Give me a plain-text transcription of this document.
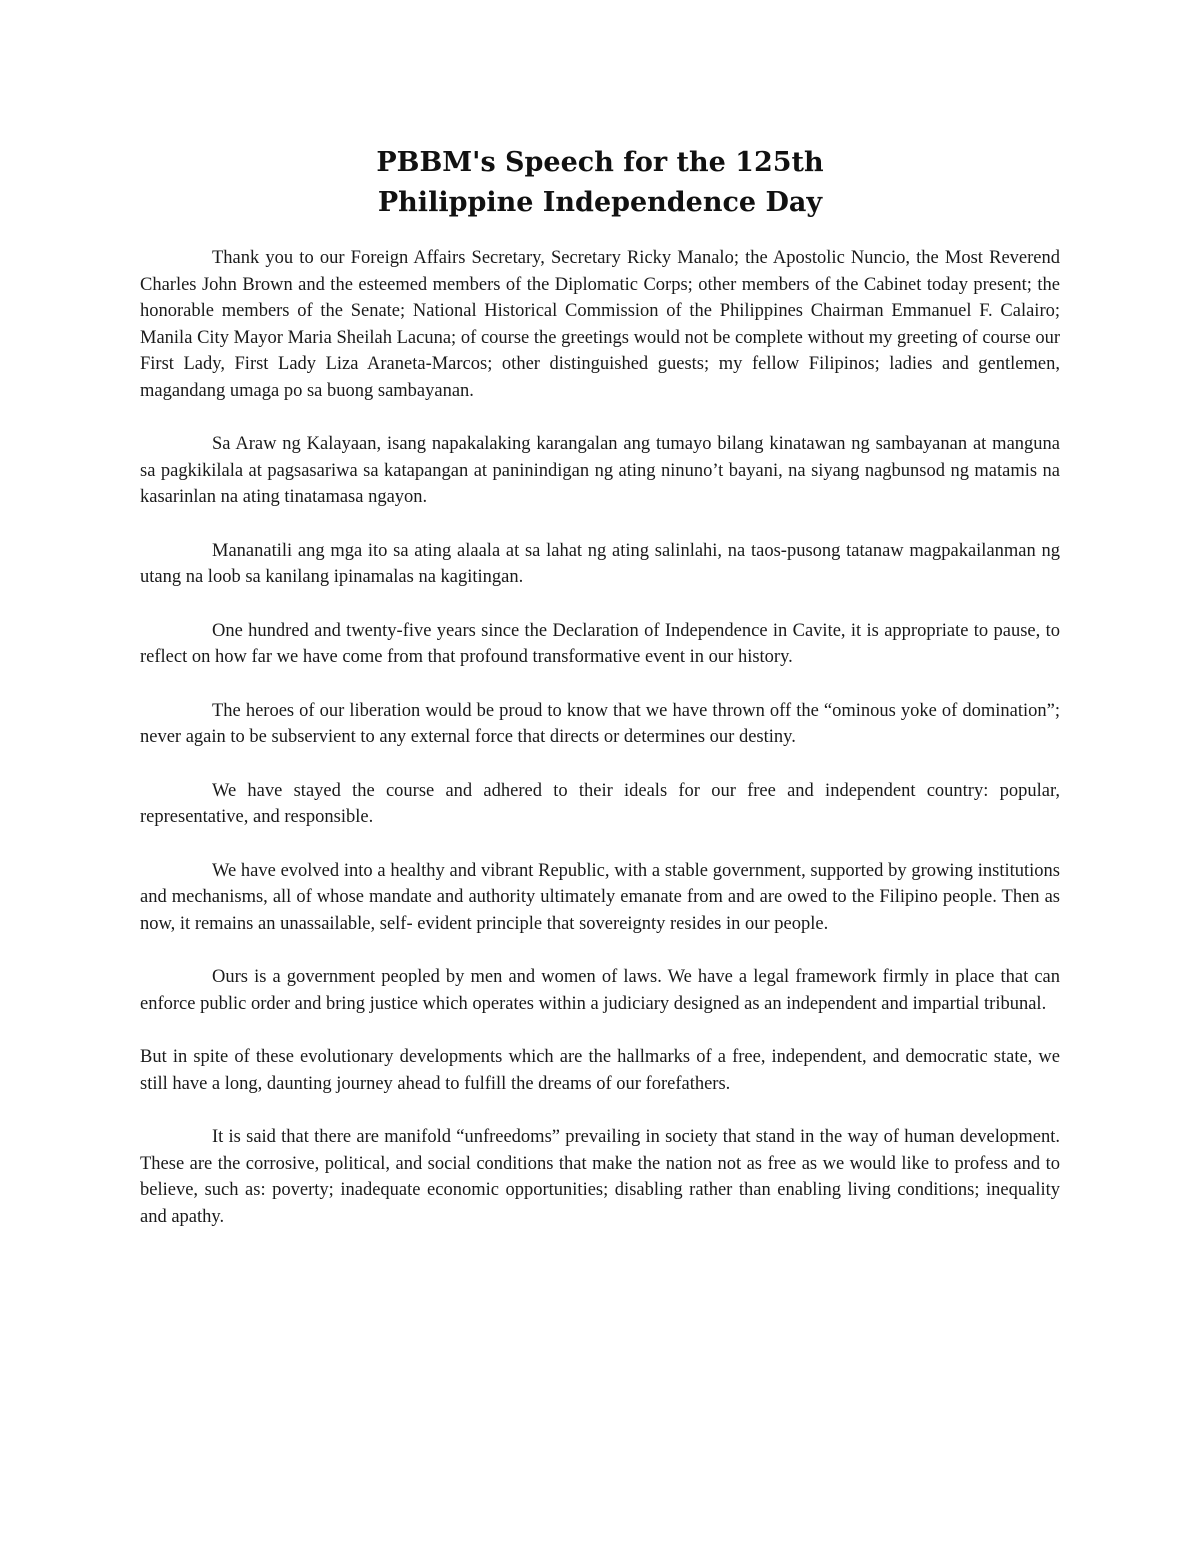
PBBM's Speech for the 125th
Philippine Independence Day

Thank you to our Foreign Affairs Secretary, Secretary Ricky Manalo; the Apostolic Nuncio, the Most Reverend Charles John Brown and the esteemed members of the Diplomatic Corps; other members of the Cabinet today present; the honorable members of the Senate; National Historical Commission of the Philippines Chairman Emmanuel F. Calairo; Manila City Mayor Maria Sheilah Lacuna; of course the greetings would not be complete without my greeting of course our First Lady, First Lady Liza Araneta-Marcos; other distinguished guests; my fellow Filipinos; ladies and gentlemen, magandang umaga po sa buong sambayanan.

Sa Araw ng Kalayaan, isang napakalaking karangalan ang tumayo bilang kinatawan ng sambayanan at manguna sa pagkikilala at pagsasariwa sa katapangan at paninindigan ng ating ninuno’t bayani, na siyang nagbunsod ng matamis na kasarinlan na ating tinatamasa ngayon.

Mananatili ang mga ito sa ating alaala at sa lahat ng ating salinlahi, na taos-pusong tatanaw magpakailanman ng utang na loob sa kanilang ipinamalas na kagitingan.

One hundred and twenty-five years since the Declaration of Independence in Cavite, it is appropriate to pause, to reflect on how far we have come from that profound transformative event in our history.

The heroes of our liberation would be proud to know that we have thrown off the “ominous yoke of domination”; never again to be subservient to any external force that directs or determines our destiny.

We have stayed the course and adhered to their ideals for our free and independent country: popular, representative, and responsible.

We have evolved into a healthy and vibrant Republic, with a stable government, supported by growing institutions and mechanisms, all of whose mandate and authority ultimately emanate from and are owed to the Filipino people. Then as now, it remains an unassailable, self- evident principle that sovereignty resides in our people.

Ours is a government peopled by men and women of laws. We have a legal framework firmly in place that can enforce public order and bring justice which operates within a judiciary designed as an independent and impartial tribunal.

But in spite of these evolutionary developments which are the hallmarks of a free, independent, and democratic state, we still have a long, daunting journey ahead to fulfill the dreams of our forefathers.

It is said that there are manifold “unfreedoms” prevailing in society that stand in the way of human development. These are the corrosive, political, and social conditions that make the nation not as free as we would like to profess and to believe, such as: poverty; inadequate economic opportunities; disabling rather than enabling living conditions; inequality and apathy.
